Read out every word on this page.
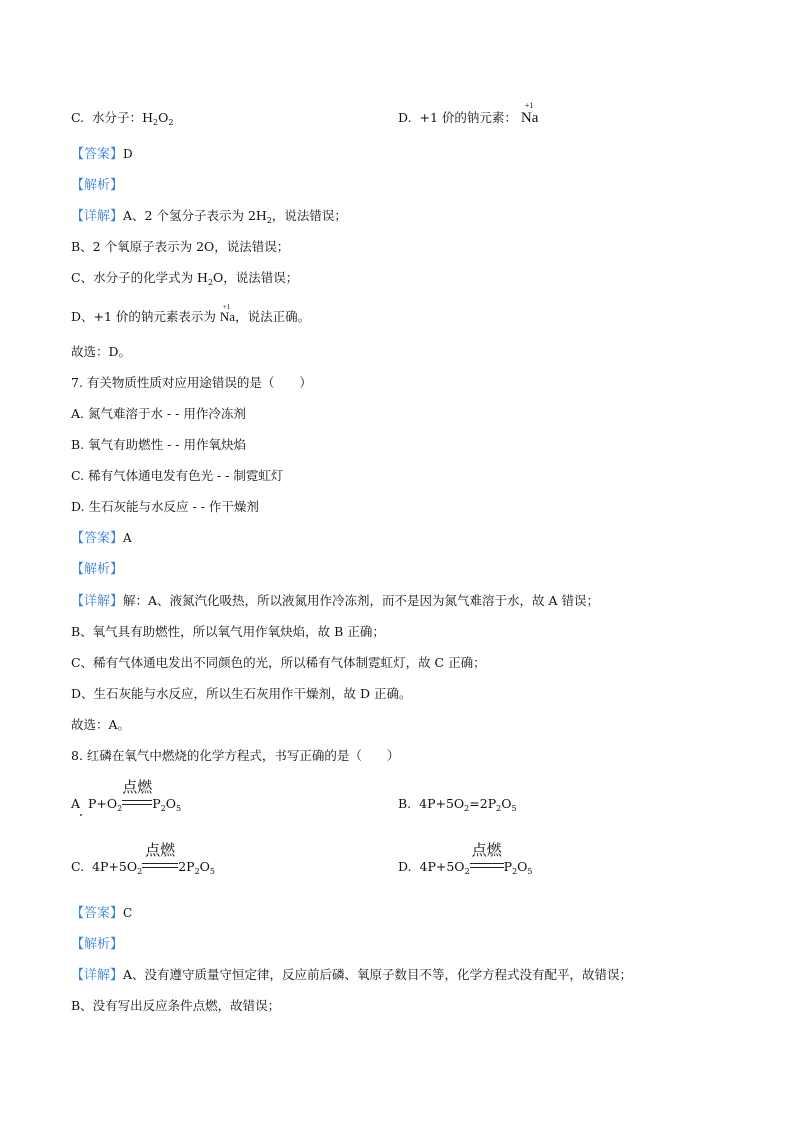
C. 水分子：$H_2O_2$	D. +1 价的钠元素：
+1
Na
【答案】D
【解析】
【详解】A、2 个氢分子表示为 $2H_2$，说法错误；
B、2 个氧原子表示为 2O，说法错误；
C、水分子的化学式为 $H_2O$，说法错误；
D、+1 价的钠元素表示为
+1
Na，说法正确。
故选：D。
7. 有关物质性质对应用途错误的是（　　）
A. 氮气难溶于水 - - 用作冷冻剂
B. 氧气有助燃性 - - 用作氧炔焰
C. 稀有气体通电发有色光 - - 制霓虹灯
D. 生石灰能与水反应 - - 作干燥剂
【答案】A
【解析】
【详解】解：A、液氮汽化吸热，所以液氮用作冷冻剂，而不是因为氮气难溶于水，故 A 错误；
B、氧气具有助燃性，所以氧气用作氧炔焰，故 B 正确；
C、稀有气体通电发出不同颜色的光，所以稀有气体制霓虹灯，故 C 正确；
D、生石灰能与水反应，所以生石灰用作干燥剂，故 D 正确。
故选：A。
8. 红磷在氧气中燃烧的化学方程式，书写正确的是（　　）
A $P+O_2$
点燃
$P_2O_5$	B. $4P+5O_2=2P_2O_5$
C. $4P+5O_2$
点燃
$2P_2O_5$	D. $4P+5O_2$
点燃
$P_2O_5$
【答案】C
【解析】
【详解】A、没有遵守质量守恒定律，反应前后磷、氧原子数目不等，化学方程式没有配平，故错误；
B、没有写出反应条件点燃，故错误；
